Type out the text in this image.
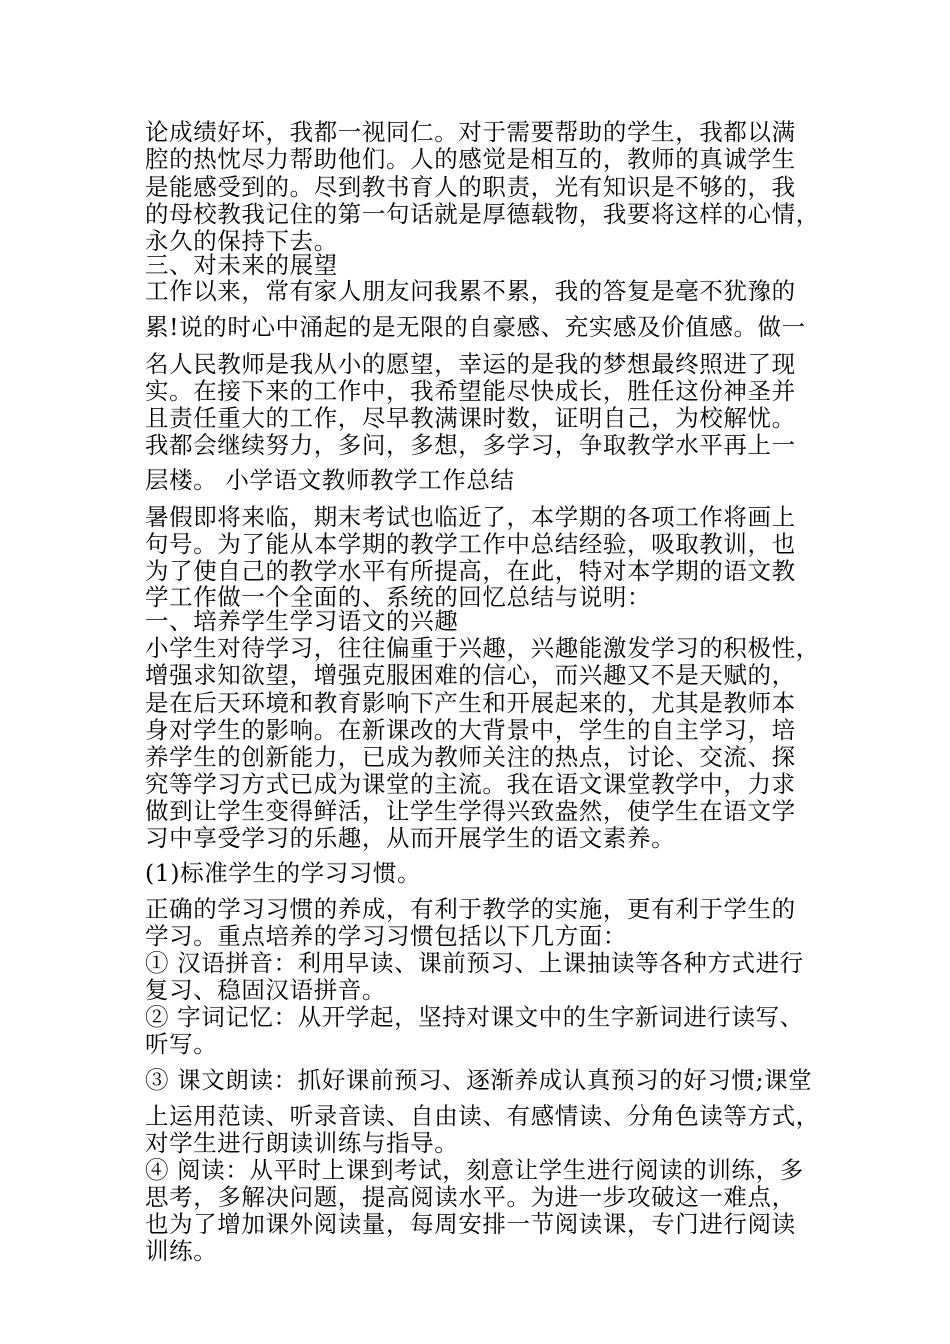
论成绩好坏，我都一视同仁。对于需要帮助的学生，我都以满
腔的热忱尽力帮助他们。人的感觉是相互的，教师的真诚学生
是能感受到的。尽到教书育人的职责，光有知识是不够的，我
的母校教我记住的第一句话就是厚德载物，我要将这样的心情，
永久的保持下去。
三、对未来的展望
工作以来，常有家人朋友问我累不累，我的答复是毫不犹豫的
累!说的时心中涌起的是无限的自豪感、充实感及价值感。做一
名人民教师是我从小的愿望，幸运的是我的梦想最终照进了现
实。在接下来的工作中，我希望能尽快成长，胜任这份神圣并
且责任重大的工作，尽早教满课时数，证明自己，为校解忧。
我都会继续努力，多问，多想，多学习，争取教学水平再上一
层楼。 小学语文教师教学工作总结
暑假即将来临，期末考试也临近了，本学期的各项工作将画上
句号。为了能从本学期的教学工作中总结经验，吸取教训，也
为了使自己的教学水平有所提高，在此，特对本学期的语文教
学工作做一个全面的、系统的回忆总结与说明：
一、培养学生学习语文的兴趣
小学生对待学习，往往偏重于兴趣，兴趣能激发学习的积极性，
增强求知欲望，增强克服困难的信心，而兴趣又不是天赋的，
是在后天环境和教育影响下产生和开展起来的，尤其是教师本
身对学生的影响。在新课改的大背景中，学生的自主学习，培
养学生的创新能力，已成为教师关注的热点，讨论、交流、探
究等学习方式已成为课堂的主流。我在语文课堂教学中，力求
做到让学生变得鲜活，让学生学得兴致盎然，使学生在语文学
习中享受学习的乐趣，从而开展学生的语文素养。
(1)标准学生的学习习惯。
正确的学习习惯的养成，有利于教学的实施，更有利于学生的
学习。重点培养的学习习惯包括以下几方面：
① 汉语拼音：利用早读、课前预习、上课抽读等各种方式进行
复习、稳固汉语拼音。
② 字词记忆：从开学起，坚持对课文中的生字新词进行读写、
听写。
③ 课文朗读：抓好课前预习、逐渐养成认真预习的好习惯;课堂
上运用范读、听录音读、自由读、有感情读、分角色读等方式，
对学生进行朗读训练与指导。
④ 阅读：从平时上课到考试，刻意让学生进行阅读的训练，多
思考，多解决问题，提高阅读水平。为进一步攻破这一难点，
也为了增加课外阅读量，每周安排一节阅读课，专门进行阅读
训练。
